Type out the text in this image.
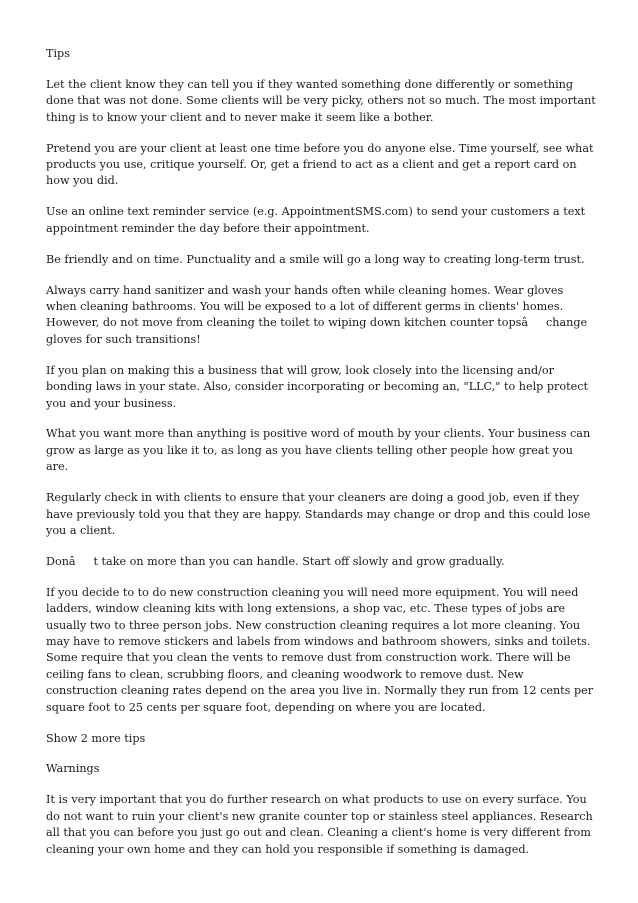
Tips

Let the client know they can tell you if they wanted something done differently or something done that was not done. Some clients will be very picky, others not so much. The most important thing is to know your client and to never make it seem like a bother.

Pretend you are your client at least one time before you do anyone else. Time yourself, see what products you use, critique yourself. Or, get a friend to act as a client and get a report card on how you did.

Use an online text reminder service (e.g. AppointmentSMS.com) to send your customers a text appointment reminder the day before their appointment.

Be friendly and on time. Punctuality and a smile will go a long way to creating long-term trust.

Always carry hand sanitizer and wash your hands often while cleaning homes. Wear gloves when cleaning bathrooms. You will be exposed to a lot of different germs in clients' homes. However, do not move from cleaning the toilet to wiping down kitchen counter topsâchange gloves for such transitions!

If you plan on making this a business that will grow, look closely into the licensing and/or bonding laws in your state. Also, consider incorporating or becoming an, "LLC," to help protect you and your business.

What you want more than anything is positive word of mouth by your clients. Your business can grow as large as you like it to, as long as you have clients telling other people how great you are.

Regularly check in with clients to ensure that your cleaners are doing a good job, even if they have previously told you that they are happy. Standards may change or drop and this could lose you a client.

Donât take on more than you can handle. Start off slowly and grow gradually.

If you decide to to do new construction cleaning you will need more equipment. You will need ladders, window cleaning kits with long extensions, a shop vac, etc. These types of jobs are usually two to three person jobs. New construction cleaning requires a lot more cleaning. You may have to remove stickers and labels from windows and bathroom showers, sinks and toilets. Some require that you clean the vents to remove dust from construction work. There will be ceiling fans to clean, scrubbing floors, and cleaning woodwork to remove dust. New construction cleaning rates depend on the area you live in. Normally they run from 12 cents per square foot to 25 cents per square foot, depending on where you are located.

Show 2 more tips

Warnings

It is very important that you do further research on what products to use on every surface. You do not want to ruin your client's new granite counter top or stainless steel appliances. Research all that you can before you just go out and clean. Cleaning a client's home is very different from cleaning your own home and they can hold you responsible if something is damaged.
